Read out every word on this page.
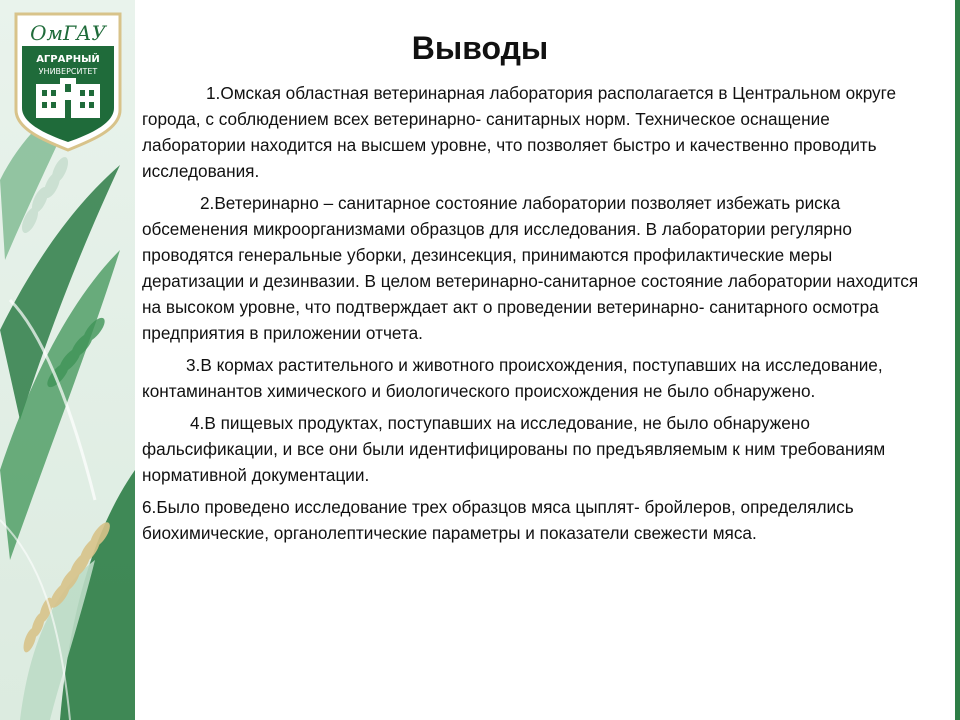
ОмГАУ
АГРАРНЫЙ
УНИВЕРСИТЕТ
Выводы

1.Омская областная ветеринарная лаборатория располагается в Центральном округе города, с соблюдением всех ветеринарно- санитарных норм. Техническое оснащение лаборатории находится на высшем уровне, что позволяет быстро и качественно проводить исследования.

2.Ветеринарно – санитарное состояние лаборатории позволяет избежать риска обсеменения микроорганизмами образцов для исследования. В лаборатории регулярно проводятся генеральные уборки, дезинсекция, принимаются профилактические меры дератизации и дезинвазии. В целом ветеринарно-санитарное состояние лаборатории находится на высоком уровне, что подтверждает акт о проведении ветеринарно- санитарного осмотра предприятия в приложении отчета.

3.В кормах растительного и животного происхождения, поступавших на исследование, контаминантов химического и биологического происхождения не было обнаружено.

4.В пищевых продуктах, поступавших на исследование, не было обнаружено фальсификации, и все они были идентифицированы по предъявляемым к ним требованиям нормативной документации.

6.Было проведено исследование трех образцов мяса цыплят- бройлеров, определялись биохимические, органолептические параметры и показатели свежести мяса.
